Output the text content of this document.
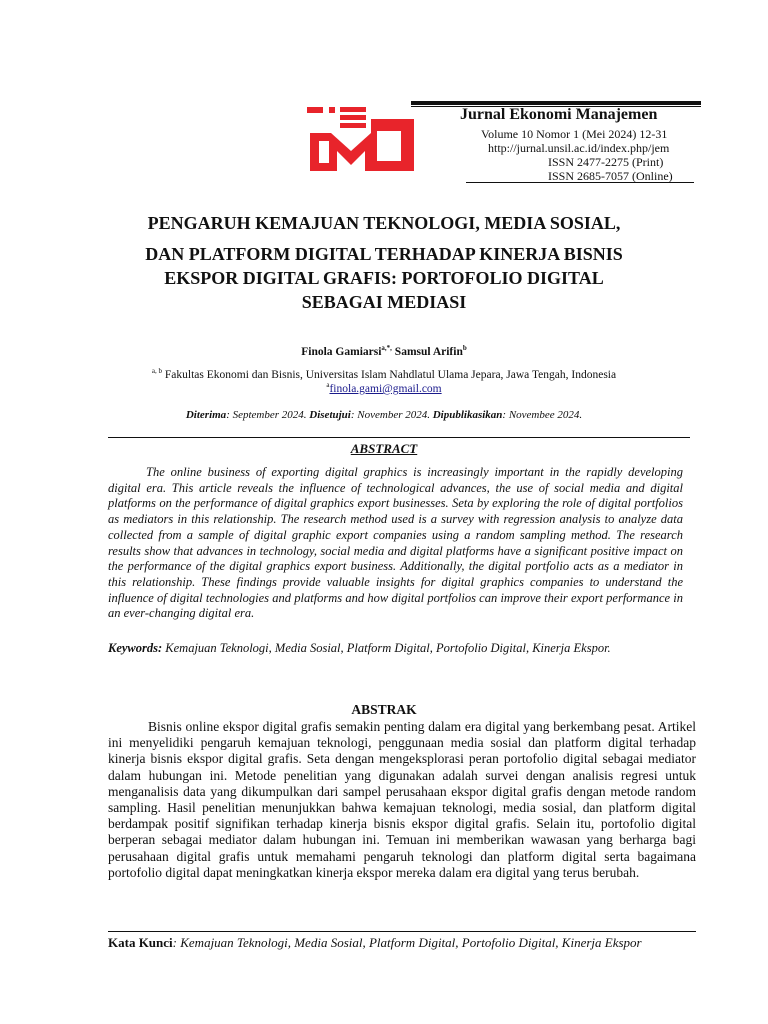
Jurnal Ekonomi Manajemen
Volume 10 Nomor 1 (Mei 2024) 12-31
http://jurnal.unsil.ac.id/index.php/jem
ISSN 2477-2275 (Print)
ISSN 2685-7057 (Online)
PENGARUH KEMAJUAN TEKNOLOGI, MEDIA SOSIAL,
DAN PLATFORM DIGITAL TERHADAP KINERJA BISNIS
EKSPOR DIGITAL GRAFIS: PORTOFOLIO DIGITAL
SEBAGAI MEDIASI
Finola Gamiarsi$^{a,*,}$ Samsul Arifin$^b$
$^{a, b}$ Fakultas Ekonomi dan Bisnis, Universitas Islam Nahdlatul Ulama Jepara, Jawa Tengah, Indonesia
$^a$finola.gami@gmail.com
Diterima: September 2024. Disetujui: November 2024. Dipublikasikan: Novembee 2024.
ABSTRACT
The online business of exporting digital graphics is increasingly important in the rapidly developing digital era. This article reveals the influence of technological advances, the use of social media and digital platforms on the performance of digital graphics export businesses. Seta by exploring the role of digital portfolios as mediators in this relationship. The research method used is a survey with regression analysis to analyze data collected from a sample of digital graphic export companies using a random sampling method. The research results show that advances in technology, social media and digital platforms have a significant positive impact on the performance of the digital graphics export business. Additionally, the digital portfolio acts as a mediator in this relationship. These findings provide valuable insights for digital graphics companies to understand the influence of digital technologies and platforms and how digital portfolios can improve their export performance in an ever-changing digital era.
Keywords: Kemajuan Teknologi, Media Sosial, Platform Digital, Portofolio Digital, Kinerja Ekspor.
ABSTRAK
Bisnis online ekspor digital grafis semakin penting dalam era digital yang berkembang pesat. Artikel ini menyelidiki pengaruh kemajuan teknologi, penggunaan media sosial dan platform digital terhadap kinerja bisnis ekspor digital grafis. Seta dengan mengeksplorasi peran portofolio digital sebagai mediator dalam hubungan ini. Metode penelitian yang digunakan adalah survei dengan analisis regresi untuk menganalisis data yang dikumpulkan dari sampel perusahaan ekspor digital grafis dengan metode random sampling. Hasil penelitian menunjukkan bahwa kemajuan teknologi, media sosial, dan platform digital berdampak positif signifikan terhadap kinerja bisnis ekspor digital grafis. Selain itu, portofolio digital berperan sebagai mediator dalam hubungan ini. Temuan ini memberikan wawasan yang berharga bagi perusahaan digital grafis untuk memahami pengaruh teknologi dan platform digital serta bagaimana portofolio digital dapat meningkatkan kinerja ekspor mereka dalam era digital yang terus berubah.
Kata Kunci: Kemajuan Teknologi, Media Sosial, Platform Digital, Portofolio Digital, Kinerja Ekspor
